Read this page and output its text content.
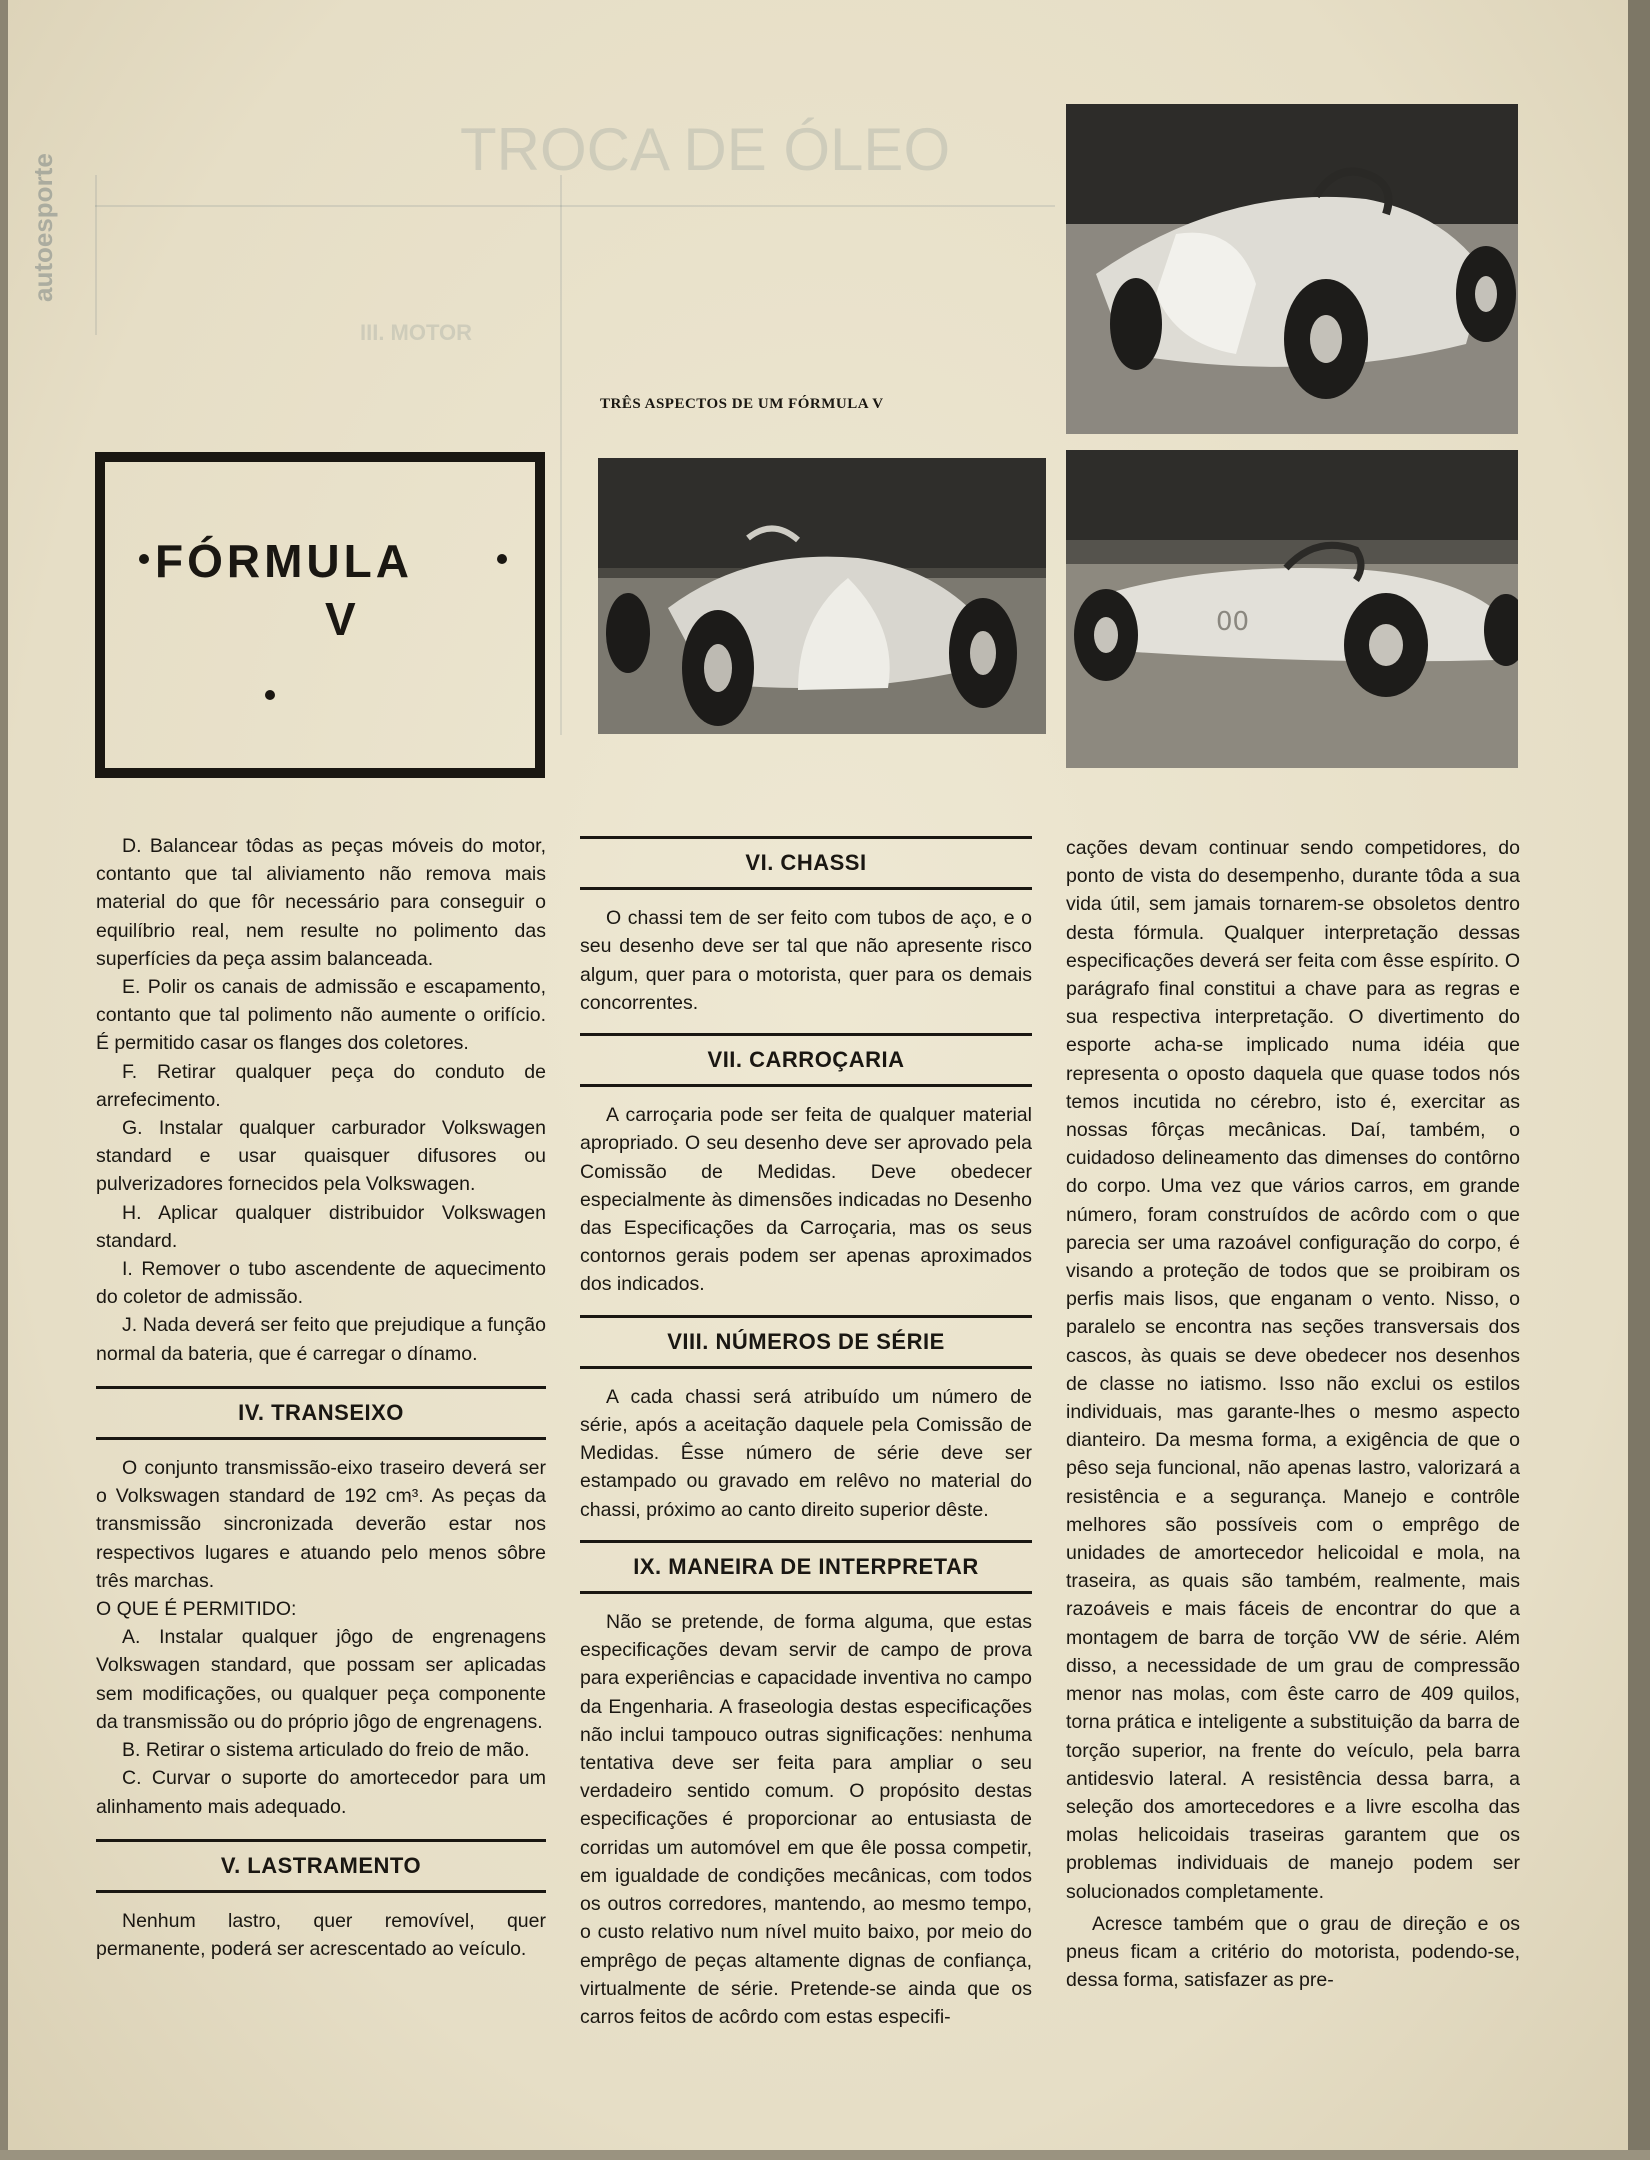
TROCA DE ÓLEO
III. MOTOR
autoesporte
FÓRMULA
V
TRÊS ASPECTOS DE UM FÓRMULA V
00

D. Balancear tôdas as peças móveis do motor, contanto que tal aliviamento não remova mais material do que fôr necessário para conseguir o equilíbrio real, nem resulte no polimento das superfícies da peça assim balanceada.

E. Polir os canais de admissão e escapamento, contanto que tal polimento não aumente o orifício. É permitido casar os flanges dos coletores.

F. Retirar qualquer peça do conduto de arrefecimento.

G. Instalar qualquer carburador Volkswagen standard e usar quaisquer difusores ou pulverizadores fornecidos pela Volkswagen.

H. Aplicar qualquer distribuidor Volkswagen standard.

I. Remover o tubo ascendente de aquecimento do coletor de admissão.

J. Nada deverá ser feito que prejudique a função normal da bateria, que é carregar o dínamo.

IV. TRANSEIXO

O conjunto transmissão-eixo traseiro deverá ser o Volkswagen standard de 192 cm³. As peças da transmissão sincronizada deverão estar nos respectivos lugares e atuando pelo menos sôbre três marchas.

O QUE É PERMITIDO:

A. Instalar qualquer jôgo de engrenagens Volkswagen standard, que possam ser aplicadas sem modificações, ou qualquer peça componente da transmissão ou do próprio jôgo de engrenagens.

B. Retirar o sistema articulado do freio de mão.

C. Curvar o suporte do amortecedor para um alinhamento mais adequado.

V. LASTRAMENTO

Nenhum lastro, quer removível, quer permanente, poderá ser acrescentado ao veículo.

VI. CHASSI

O chassi tem de ser feito com tubos de aço, e o seu desenho deve ser tal que não apresente risco algum, quer para o motorista, quer para os demais concorrentes.

VII. CARROÇARIA

A carroçaria pode ser feita de qualquer material apropriado. O seu desenho deve ser aprovado pela Comissão de Medidas. Deve obedecer especialmente às dimensões indicadas no Desenho das Especificações da Carroçaria, mas os seus contornos gerais podem ser apenas aproximados dos indicados.

VIII. NÚMEROS DE SÉRIE

A cada chassi será atribuído um número de série, após a aceitação daquele pela Comissão de Medidas. Êsse número de série deve ser estampado ou gravado em relêvo no material do chassi, próximo ao canto direito superior dêste.

IX. MANEIRA DE INTERPRETAR

Não se pretende, de forma alguma, que estas especificações devam servir de campo de prova para experiências e capacidade inventiva no campo da Engenharia. A fraseologia destas especificações não inclui tampouco outras significações: nenhuma tentativa deve ser feita para ampliar o seu verdadeiro sentido comum. O propósito destas especificações é proporcionar ao entusiasta de corridas um automóvel em que êle possa competir, em igualdade de condições mecânicas, com todos os outros corredores, mantendo, ao mesmo tempo, o custo relativo num nível muito baixo, por meio do emprêgo de peças altamente dignas de confiança, virtualmente de série. Pretende-se ainda que os carros feitos de acôrdo com estas especifi-

cações devam continuar sendo competidores, do ponto de vista do desempenho, durante tôda a sua vida útil, sem jamais tornarem-se obsoletos dentro desta fórmula. Qualquer interpretação dessas especificações deverá ser feita com êsse espírito. O parágrafo final constitui a chave para as regras e sua respectiva interpretação. O divertimento do esporte acha-se implicado numa idéia que representa o oposto daquela que quase todos nós temos incutida no cérebro, isto é, exercitar as nossas fôrças mecânicas. Daí, também, o cuidadoso delineamento das dimenses do contôrno do corpo. Uma vez que vários carros, em grande número, foram construídos de acôrdo com o que parecia ser uma razoável configuração do corpo, é visando a proteção de todos que se proibiram os perfis mais lisos, que enganam o vento. Nisso, o paralelo se encontra nas seções transversais dos cascos, às quais se deve obedecer nos desenhos de classe no iatismo. Isso não exclui os estilos individuais, mas garante-lhes o mesmo aspecto dianteiro. Da mesma forma, a exigência de que o pêso seja funcional, não apenas lastro, valorizará a resistência e a segurança. Manejo e contrôle melhores são possíveis com o emprêgo de unidades de amortecedor helicoidal e mola, na traseira, as quais são também, realmente, mais razoáveis e mais fáceis de encontrar do que a montagem de barra de torção VW de série. Além disso, a necessidade de um grau de compressão menor nas molas, com êste carro de 409 quilos, torna prática e inteligente a substituição da barra de torção superior, na frente do veículo, pela barra antidesvio lateral. A resistência dessa barra, a seleção dos amortecedores e a livre escolha das molas helicoidais traseiras garantem que os problemas individuais de manejo podem ser solucionados completamente.

Acresce também que o grau de direção e os pneus ficam a critério do motorista, podendo-se, dessa forma, satisfazer as pre-
